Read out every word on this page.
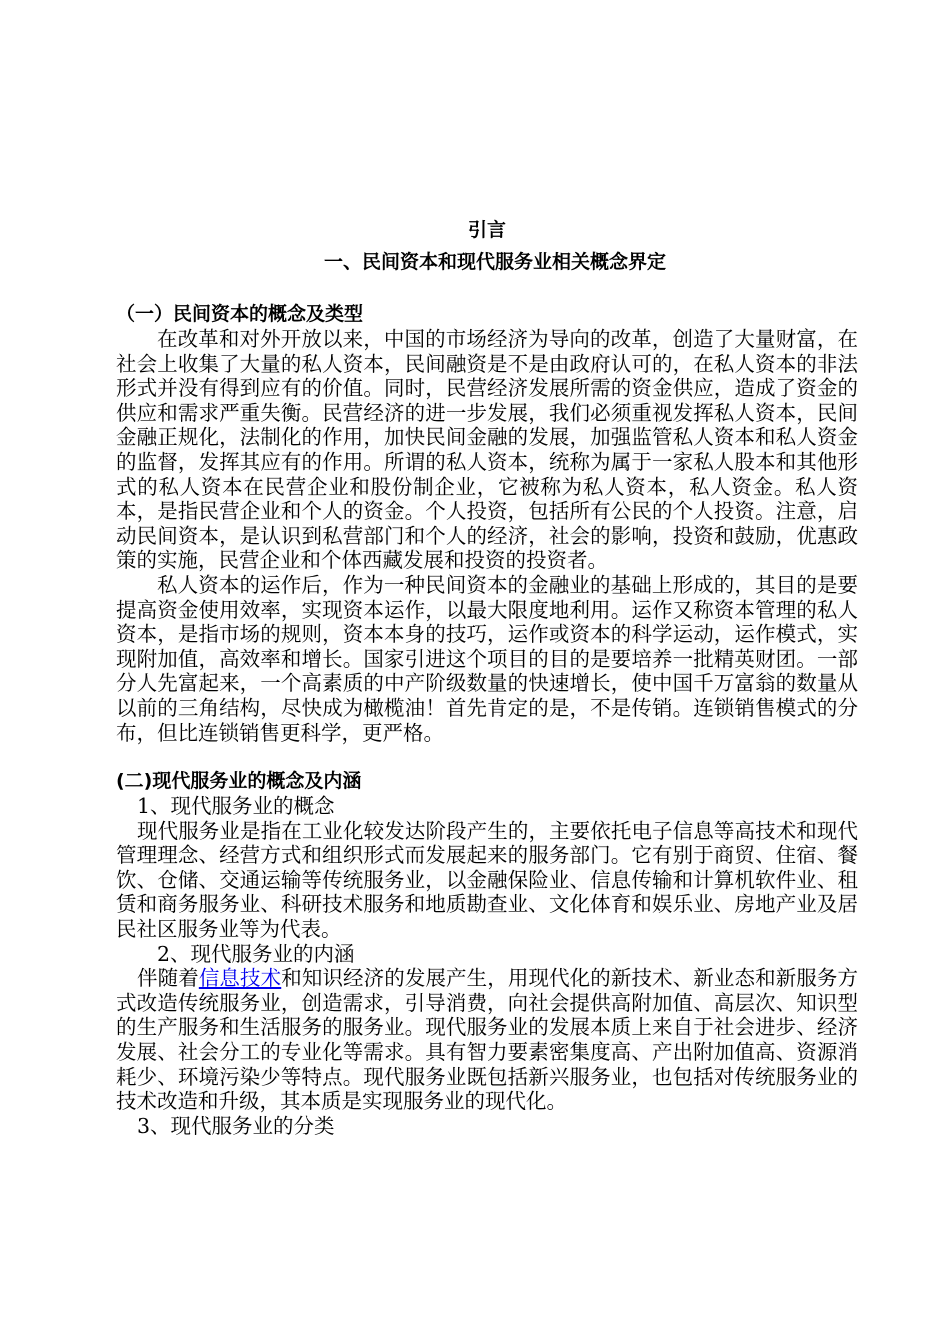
引言
一、民间资本和现代服务业相关概念界定
（一）民间资本的概念及类型

在改革和对外开放以来，中国的市场经济为导向的改革，创造了大量财富，在社会上收集了大量的私人资本，民间融资是不是由政府认可的，在私人资本的非法形式并没有得到应有的价值。同时，民营经济发展所需的资金供应，造成了资金的供应和需求严重失衡。民营经济的进一步发展，我们必须重视发挥私人资本，民间金融正规化，法制化的作用，加快民间金融的发展，加强监管私人资本和私人资金的监督，发挥其应有的作用。所谓的私人资本，统称为属于一家私人股本和其他形式的私人资本在民营企业和股份制企业，它被称为私人资本，私人资金。私人资本，是指民营企业和个人的资金。个人投资，包括所有公民的个人投资。注意，启动民间资本，是认识到私营部门和个人的经济，社会的影响，投资和鼓励，优惠政策的实施，民营企业和个体西藏发展和投资的投资者。

私人资本的运作后，作为一种民间资本的金融业的基础上形成的，其目的是要提高资金使用效率，实现资本运作，以最大限度地利用。运作又称资本管理的私人资本，是指市场的规则，资本本身的技巧，运作或资本的科学运动，运作模式，实现附加值，高效率和增长。国家引进这个项目的目的是要培养一批精英财团。一部分人先富起来，一个高素质的中产阶级数量的快速增长，使中国千万富翁的数量从以前的三角结构，尽快成为橄榄油！首先肯定的是，不是传销。连锁销售模式的分布，但比连锁销售更科学，更严格。

(二)现代服务业的概念及内涵
1、现代服务业的概念

现代服务业是指在工业化较发达阶段产生的，主要依托电子信息等高技术和现代管理理念、经营方式和组织形式而发展起来的服务部门。它有别于商贸、住宿、餐饮、仓储、交通运输等传统服务业，以金融保险业、信息传输和计算机软件业、租赁和商务服务业、科研技术服务和地质勘查业、文化体育和娱乐业、房地产业及居民社区服务业等为代表。

2、现代服务业的内涵

伴随着信息技术和知识经济的发展产生，用现代化的新技术、新业态和新服务方式改造传统服务业，创造需求，引导消费，向社会提供高附加值、高层次、知识型的生产服务和生活服务的服务业。现代服务业的发展本质上来自于社会进步、经济发展、社会分工的专业化等需求。具有智力要素密集度高、产出附加值高、资源消耗少、环境污染少等特点。现代服务业既包括新兴服务业，也包括对传统服务业的技术改造和升级，其本质是实现服务业的现代化。

3、现代服务业的分类
